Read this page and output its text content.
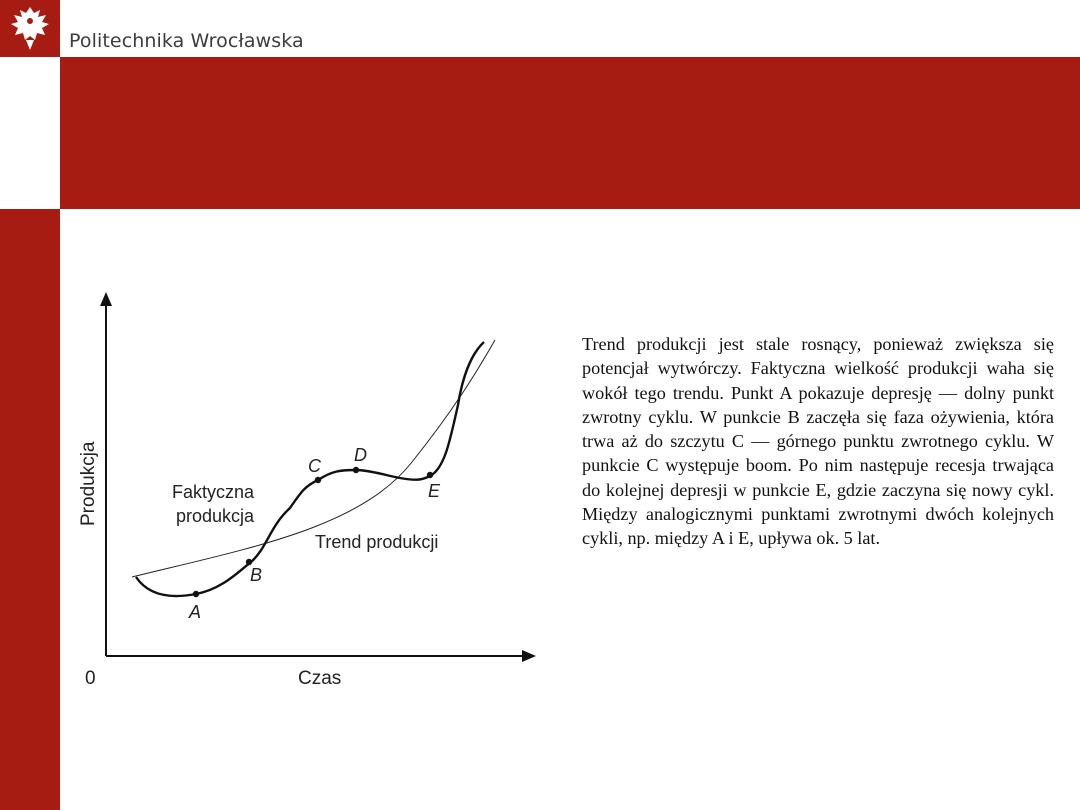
Politechnika Wrocławska
A
B
C
D
E
Faktyczna
produkcja
Trend produkcji
Produkcja
Czas
0

Trend produkcji jest stale rosnący, ponieważ zwiększa się potencjał wytwórczy. Faktyczna wielkość produkcji waha się wokół tego trendu. Punkt A pokazuje depresję — dolny punkt zwrotny cyklu. W punkcie B zaczęła się faza ożywienia, która trwa aż do szczytu C — górnego punktu zwrotnego cyklu. W punkcie C występuje boom. Po nim następuje recesja trwająca do kolejnej depresji w punkcie E, gdzie zaczyna się nowy cykl. Między analogicznymi punktami zwrotnymi dwóch kolejnych cykli, np. między A i E, upływa ok. 5 lat.
